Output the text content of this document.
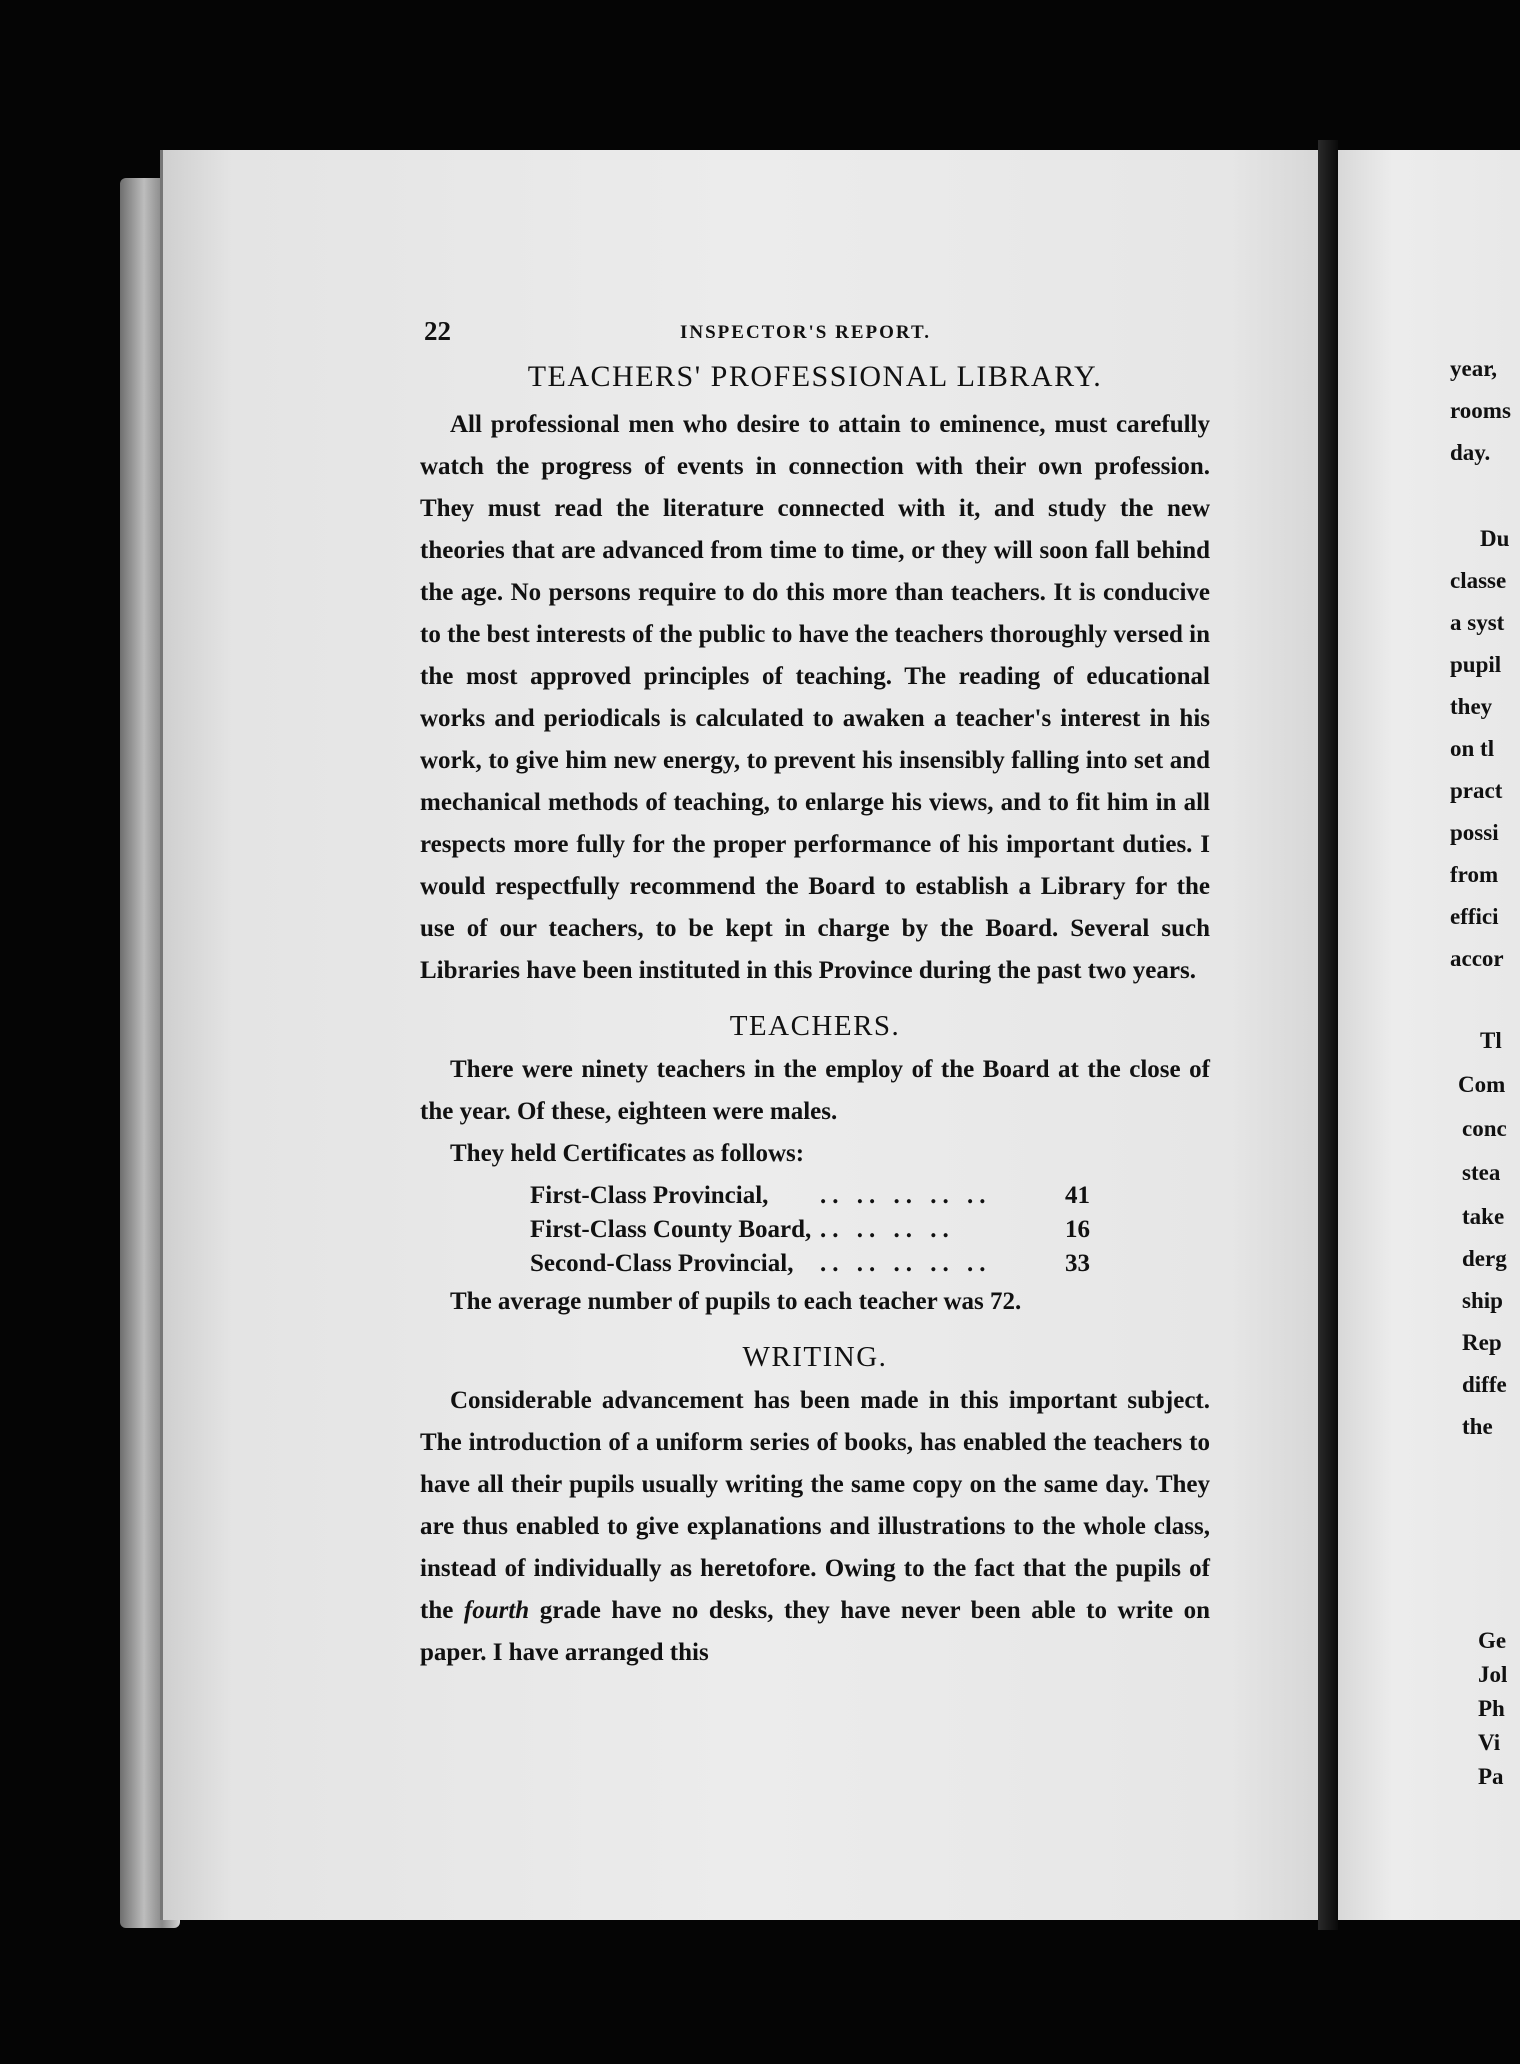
22	INSPECTOR'S REPORT.
TEACHERS' PROFESSIONAL LIBRARY.

All professional men who desire to attain to eminence, must carefully watch the progress of events in connection with their own profession. They must read the literature connected with it, and study the new theories that are advanced from time to time, or they will soon fall behind the age. No persons require to do this more than teachers. It is conducive to the best interests of the public to have the teachers thoroughly versed in the most approved principles of teaching. The reading of educational works and periodicals is calculated to awaken a teacher's interest in his work, to give him new energy, to prevent his insensibly falling into set and mechanical methods of teaching, to enlarge his views, and to fit him in all respects more fully for the proper performance of his important duties. I would respectfully recommend the Board to establish a Library for the use of our teachers, to be kept in charge by the Board. Several such Libraries have been instituted in this Province during the past two years.

TEACHERS.

There were ninety teachers in the employ of the Board at the close of the year. Of these, eighteen were males.

They held Certificates as follows:

First-Class Provincial,	.. .. .. .. ..	41
First-Class County Board, .. .. .. ..	16
Second-Class Provincial,	.. .. .. .. ..	33

The average number of pupils to each teacher was 72.

WRITING.

Considerable advancement has been made in this important subject. The introduction of a uniform series of books, has enabled the teachers to have all their pupils usually writing the same copy on the same day. They are thus enabled to give explanations and illustrations to the whole class, instead of individually as heretofore. Owing to the fact that the pupils of the fourth grade have no desks, they have never been able to write on paper. I have arranged this

year,
rooms
day.
Du
classe
a syst
pupil
they
on tl
pract
possi
from
effici
accor
Tl
Com
conc
stea
take
derg
ship
Rep
diffe
the
Ge
Jol
Ph
Vi
Pa
